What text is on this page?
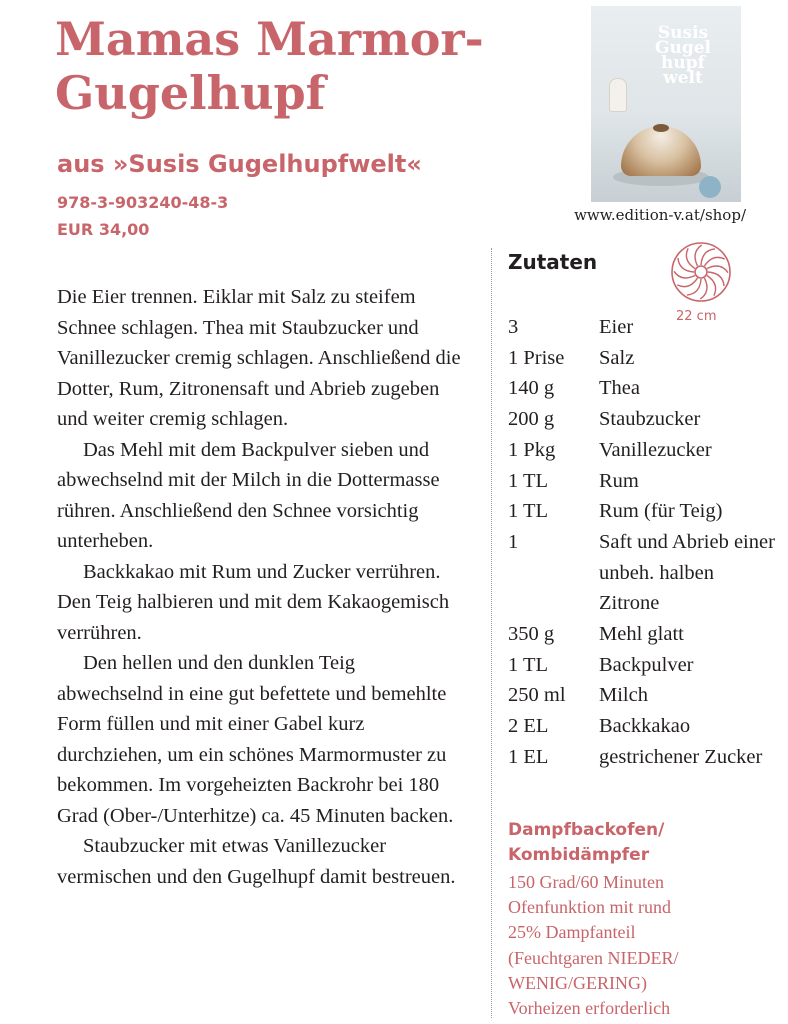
Mamas Marmor-
Gugelhupf
aus »Susis Gugelhupfwelt«
978-3-903240-48-3
EUR 34,00
Susis
Gugel
hupf
welt
www.edition-v.at/shop/

Die Eier trennen. Eiklar mit Salz zu steifem Schnee schlagen. Thea mit Staubzucker und Vanillezucker cremig schlagen. Anschließend die Dotter, Rum, Zitronensaft und Abrieb zugeben und weiter cremig schlagen.

Das Mehl mit dem Backpulver sieben und abwechselnd mit der Milch in die Dottermasse rühren. Anschließend den Schnee vorsichtig unterheben.

Backkakao mit Rum und Zucker verrühren. Den Teig halbieren und mit dem Kakaogemisch verrühren.

Den hellen und den dunklen Teig abwechselnd in eine gut befettete und bemehlte Form füllen und mit einer Gabel kurz durchziehen, um ein schönes Marmormuster zu bekommen. Im vorgeheizten Backrohr bei 180 Grad (Ober-/Unterhitze) ca. 45 Minuten backen.

Staubzucker mit etwas Vanillezucker vermischen und den Gugelhupf damit bestreuen.

Zutaten
22 cm
3	Eier
1 Prise	Salz
140 g	Thea
200 g	Staubzucker
1 Pkg	Vanillezucker
1 TL	Rum
1 TL	Rum (für Teig)
1	Saft und Abrieb einer unbeh. halben Zitrone
350 g	Mehl glatt
1 TL	Backpulver
250 ml	Milch
2 EL	Backkakao
1 EL	gestrichener Zucker
Dampfbackofen/
Kombidämpfer
150 Grad/60 Minuten
Ofenfunktion mit rund
25% Dampfanteil
(Feuchtgaren NIEDER/
WENIG/GERING)
Vorheizen erforderlich
